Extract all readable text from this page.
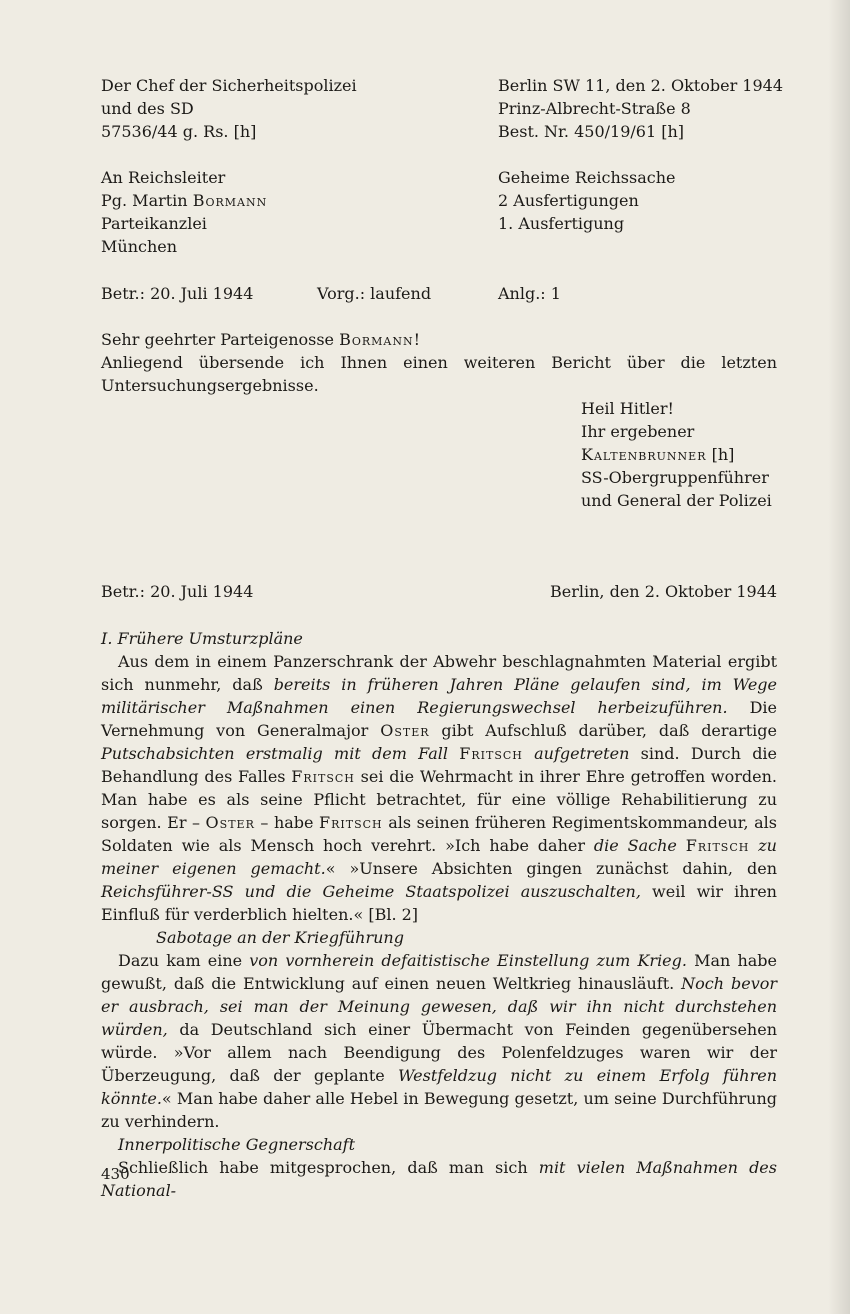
Der Chef der Sicherheitspolizei
und des SD
57536/44 g. Rs. [h]
Berlin SW 11, den 2. Oktober 1944
Prinz-Albrecht-Straße 8
Best. Nr. 450/19/61 [h]
An Reichsleiter
Pg. Martin Bormann
Parteikanzlei
München
Geheime Reichssache
2 Ausfertigungen
1. Ausfertigung
Betr.: 20. Juli 1944	Vorg.: laufend	Anlg.: 1
Sehr geehrter Parteigenosse Bormann!
Anliegend übersende ich Ihnen einen weiteren Bericht über die letzten Untersuchungsergebnisse.
Heil Hitler!
Ihr ergebener
Kaltenbrunner [h]
SS-Obergruppenführer
und General der Polizei
Betr.: 20. Juli 1944	Berlin, den 2. Oktober 1944

I. Frühere Umsturzpläne

Aus dem in einem Panzerschrank der Abwehr beschlagnahmten Material ergibt sich nunmehr, daß bereits in früheren Jahren Pläne gelaufen sind, im Wege militärischer Maßnahmen einen Regierungswechsel herbeizuführen. Die Vernehmung von Generalmajor Oster gibt Aufschluß darüber, daß derartige Putschabsichten erstmalig mit dem Fall Fritsch aufgetreten sind. Durch die Behandlung des Falles Fritsch sei die Wehrmacht in ihrer Ehre getroffen worden. Man habe es als seine Pflicht betrachtet, für eine völlige Rehabilitierung zu sorgen. Er – Oster – habe Fritsch als seinen früheren Regimentskommandeur, als Soldaten wie als Mensch hoch verehrt. »Ich habe daher die Sache Fritsch zu meiner eigenen gemacht.« »Unsere Absichten gingen zunächst dahin, den Reichsführer-SS und die Geheime Staatspolizei auszuschalten, weil wir ihren Einfluß für verderblich hielten.« [Bl. 2]

Sabotage an der Kriegführung

Dazu kam eine von vornherein defaitistische Einstellung zum Krieg. Man habe gewußt, daß die Entwicklung auf einen neuen Weltkrieg hinausläuft. Noch bevor er ausbrach, sei man der Meinung gewesen, daß wir ihn nicht durchstehen würden, da Deutschland sich einer Übermacht von Feinden gegenübersehen würde. »Vor allem nach Beendigung des Polenfeldzuges waren wir der Überzeugung, daß der geplante Westfeldzug nicht zu einem Erfolg führen könnte.« Man habe daher alle Hebel in Bewegung gesetzt, um seine Durchführung zu verhindern.

Innerpolitische Gegnerschaft

Schließlich habe mitgesprochen, daß man sich mit vielen Maßnahmen des National-

430
